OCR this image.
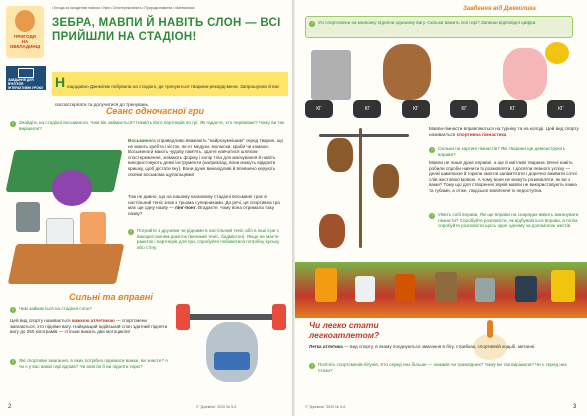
ПРИГОДИ
НА
ОБКЛАДИНЦІ
ЗАВДАННЯ ДЛЯ ВЧИТЕЛЯ ІНТЕРАКТИВНІ УРОКИ
• Бесіда за складеним планом • Умін • Спостережливість • Природознавство • Математика
ЗЕБРА, МАВПИ Й НАВІТЬ СЛОН — ВСІ ПРИЙШЛИ НА СТАДІОН!
Н ещодавно Джемілик побувала на стадіоні, де тренуються тварини-рекордсмени. Запрошуємо й вас поспостерігати та долучитися до тренувань.
Сеанс одночасної гри
?	Знайдіть на стадіоні восьминога. Чим він займається? Назвіть його партнерів по грі. Як гадаєте, хто переможе? Чому ви так вирішили?
Восьминога справедливо вважають "найрозумнішим" серед тварин, що не мають хребта і кісток, як-от медузи, молюски, краби чи комахи. Восьминоги мають чудову пам'ять, здатні навчатися шляхом спостереження, знімають форму і колір тіла для маскування й навіть використовують деякі інструменти (наприклад, вони можуть відкрити кришку, щоб дістати їжу). Вони дуже винахідливі й впевнено керують своїми восьмома щупальцями!
Тож не дивно, що на нашому казковому стадіоні восьминіг грає в настільний теніс знов з трьома суперниками. До речі, ця спортивна гра має ще одну назву — пінг-понг. Вгадаєте, чому вона отримала таку назву?
?	Пограйте з друзями чи рідними в настільний теніс або в інші ігри з використанням ракеток (великий теніс, бадмінтон). Якщо не маєте ракеток і партнерів для гри, спробуйте побавитися потрібну кульку або стіну.
Сильні та вправні
?	Чим займається на стадіоні слон?
Цей вид спорту називається важкою атлетикою — спортсмени змагаються, хто підніме вагу. Найкращий індійський слон здатний підняти вагу до 250 кілограмів — стільки важать два мотоцикли!
?	Які спортивні змагання, в яких потрібно піднімати важке, ви знаєте? А чи є у вас важкі гирі вдома? Чи змогли б ви підняти гирю?
2	© "Джеміль" 2020 № 5-6
Завдання від Джемілика
?	Усі спортсмени на малюнку підняли однакову вагу. Скільки важить їхні гирі? Запиши відповідні цифри.
КГ	КГ	КГ	КГ	КГ	КГ
Мавпи-гімнасти вправляються на турніку та на колоді. Цей вид спорту називається спортивна гімнастика
?	Скільки на картині гімнастів? Які тварини ще демонструють вправи?
Мавпи не лише дуже вправні, а ще й кмітливі тварини. Вчені навіть робили спроби навчити їх розмовляти. І досягли певного успіху — деякі шимпанзе й горили змогли запам'ятати і доречно вживати сотні слів жестовою мовою. А чому вони не можуть розмовляти, як ви з вами? Тому що для створення звуків мавпи не використовують язика та губами, а отже, людської мовлення їх недоступна.
?	Уявіть собі вправи. Які ще вправи на снарядах вміють виконувати гімнасти? Спробуйте розповісти, як відбуваються вправи, а потім спробуйте розповісти щось одне одному за допомогою жестів.
Чи легко стати легкоатлетом?
Легка атлетика — вид спорту, в якому поєднуються змагання в бігу, стрибках, спортивній ходьбі, метанні.
?	Полічіть спортсменів-бігунів. Хто серед них більше — хижаків чи травоїдних? Чому ви так вирішили? Чи є серед них птахи?
© "Джеміль" 2020 № 5-6	3
